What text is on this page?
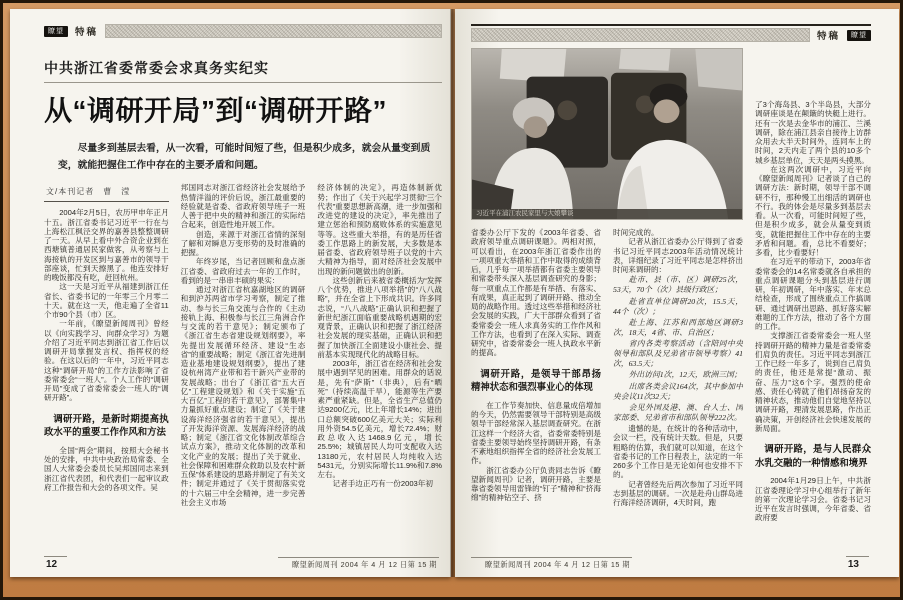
瞭望	特稿
中共浙江省委常委会求真务实纪实
从“调研开局”到“调研开路”
尽量多到基层去看，从一次看，可能时间短了些，但是积少成多，就会从量变到质变，就能把握住工作中存在的主要矛盾和问题。
文/本刊记者　曹　滢

2004年2月5日，农历甲申年正月十五。浙江省委书记习近平一行在与上海松江枫泾交界的嘉善县整整调研了一天。从早上看中外合资企业到在西塘镇普通居民家做客，从考察与上海接轨的开发区到与嘉善市的领导干部座谈，忙到天擦黑了。他连安排好的晚饭都没有吃，赶回杭州。

这一天是习近平从福建到浙江任省长、省委书记的一年零三个月零二十天。就在这一天，他走遍了全省11个市90个县（市）区。

一年前，《瞭望新闻周刊》曾经以《向实践学习、向群众学习》为题介绍了习近平同志到浙江省工作后以调研开局掌握发言权、指挥权的经验。在这以后的一年中，习近平同志这种“调研开局”的工作方法影响了省委常委会“一班人”。个人工作的“调研开局”变成了省委常委会一班人的“调研开路”。

调研开路，是新时期提高执政水平的重要工作作风和方法

全国“两会”期间，按照大会秘书处的安排，中共中央政治局常委、全国人大常委会委员长吴邦国同志来到浙江省代表团，和代表们一起审议政府工作报告和大会的各项文件。吴

邦国同志对浙江省经济社会发展给予热情洋溢的评价后说，浙江最重要的经验就是省委、省政府领导班子一班人善于把中央的精神和浙江的实际结合起来，创造性地开展工作。

创造，来源于对浙江省情的深刻了解和对瞬息万变形势的及时准确的把握。

年终岁尾，当记者回顾和盘点浙江省委、省政府过去一年的工作时，看到的是一串串丰硕的果实：

通过对浙江省杭嘉湖地区的调研和到沪苏两省市学习考察，制定了推动、参与长三角交流与合作的《主动接轨上海、积极参与长江三角洲合作与交流的若干意见》；制定颁布了《浙江省生态省建设规划纲要》，率先提出发展循环经济、建设“生态省”的重要战略；制定《浙江省先进制造业基地建设规划纲要》，提出了建设杭州湾产业带和若干新兴产业带的发展战略；出台了《浙江省“五大百亿”工程建设规划》和《关于实施“五大百亿”工程的若干意见》，部署集中力量抓好重点建设；制定了《关于建设海洋经济强省的若干意见》，提出了开发海洋资源、发展海洋经济的战略；制定《浙江省文化体制改革综合试点方案》，推动文化体制的改革和文化产业的发展；提出了关于就业、社会保障和困难群众救助以及农村“新五保”体系建设的思路并制定了有关文件；制定并通过了《关于贯彻落实党的十六届三中全会精神，进一步完善社会主义市场

经济体制的决定》，再造体制新优势；作出了《关于兴起学习贯彻“三个代表”重要思想新高潮，进一步加强和改进党的建设的决定》，率先推出了建立惩治和预防腐败体系的实施意见等等。这些重大举措，有的是历任省委工作思路上的新发展，大多数是本届省委、省政府领导班子以党的十六大精神为指导，面对经济社会发展中出现的新问题做出的创新。

这些创新后来被省委概括为“发挥八个优势，推进八项举措”的“八八战略”，并在全省上下形成共识。许多同志说，“八八战略”正确认识和把握了新世纪浙江面临重要战略机遇期的宏观背景，正确认识和把握了浙江经济社会发展的现实基础，正确认识和把握了加快浙江全面建设小康社会、提前基本实现现代化的战略目标。

2003年，浙江省在经济和社会发展中遇到罕见的困难。用群众的话说是，先有“萨斯”（非典），后有“晒死”（持续高温干旱），能源等生产要素严重紧缺。但是，全省生产总值仍达9200亿元，比上年增长14%；进出口总额突破600亿美元大关；实际利用外资54.5亿美元，增长72.4%；财政总收入达1468.9亿元，增长25.5%；城镇居民人均可支配收入达13180元，农村居民人均纯收入达5431元，分别实际增长11.9%和7.8%左右。

记者手边正巧有一份2003年初

12	瞭望新闻周刊 2004 年 4 月 12 日第 15 期
特稿	瞭望
习近平在浦江农民家里与大娘攀谈

省委办公厅下发的《2003年省委、省政府领导重点调研课题》。两相对照，可以看出，在2003年浙江省委作出的一项项重大举措和工作中取得的成绩背后，几乎每一项举措都有省委主要领导和常委带头深入基层调查研究的身影；每一项重点工作都是有举措、有落实、有成果，真正起到了调研开路、推动全局的战略作用。透过这些举措和经济社会发展的实践，广大干部群众看到了省委常委会一班人求真务实的工作作风和工作方法，也看到了在深入实际、调查研究中，省委常委会一班人执政水平新的提高。

调研开路，是领导干部昂扬精神状态和强烈事业心的体现

在工作节奏加快、信息量成倍增加的今天，仍然需要领导干部特别是高级领导干部经常深入基层调查研究。在浙江这样一个经济大省，省委常委特别是省委主要领导始终坚持调研开路，有条不紊地组织指挥全省的经济社会发展工作。

浙江省委办公厅负责同志告诉《瞭望新闻周刊》记者，调研开路，主要是靠省委领导用雷锋的“钉子”精神和“挤海绵”的精神钻空子、挤

时间完成的。

记者从浙江省委办公厅得到了省委书记习近平同志2003年活动情况统计表，详细纪录了习近平同志是怎样挤出时间来调研的：

赴市、县（市、区）调研25次，53天，70个（次）县级行政区；

赴省直单位调研20次，15.5天，44个（次）；

赴上海、江苏和西部地区调研3次，18天，4省、市、自治区；

省内各类考察活动（含陪同中央领导和部队及兄弟省市领导考察）41次，63.5天；

外出访问1次，12天，欧洲三国；

出席各类会议164次，其中参加中央会议11次32天；

会见外国及港、澳、台人士、国家部委、兄弟省市和部队领导222次。

遗憾的是，在统计的各种活动中，会议一栏，没有统计天数。但是，只要粗略的估算，我们就可以知道，在这个省委书记的工作日程表上，法定的一年260多个工作日是无论如何也安排不下的。

记者曾经先后两次参加了习近平同志到基层的调研。一次是赴舟山群岛进行海洋经济调研，4天时间，跑

了3个海岛县、3个半岛县，大部分调研座谈是在颠簸的快艇上进行。还有一次是去金华市的浦江、兰溪调研，除在浦江县亲自接待上访群众用去大半天时间外，连同车上的时间，2天内走了两个县的10多个城乡基层单位，天天是两头摸黑。

在这两次调研中，习近平向《瞭望新闻周刊》记者谈了自己的调研方法：新时期，领导干部不调研不行，那种慢工出细活的调研也不行。我的体会是尽量多到基层去看。从一次看，可能时间短了些，但是积少成多，就会从量变到质变，就能把握住工作中存在的主要矛盾和问题。看，总比不看要好；多看，比少看要好！

在习近平的带动下，2003年省委常委会的14名常委就各自承担的重点调研课题分头到基层进行调研，年初调研，年中落实、年末总结检查，形成了围绕重点工作搞调研、通过调研出思路、抓好落实解难题的工作方法，推动了各个方面的工作。

支撑浙江省委常委会一班人坚持调研开路的精神力量是省委常委们肩负的责任。习近平同志到浙江工作已经一年多了，说到自己肩负的责任，他还是常提“激动、振奋、压力”这6个字。强烈的使命感、责任心铸就了他们昂扬奋发的精神状态，推动他们自觉地坚持以调研开路，理清发展思路，作出正确决策，开创经济社会快速发展的新局面。

调研开路，是与人民群众水乳交融的一种情感和境界

2004年1月29日上午，中共浙江省委理论学习中心组举行了新年的第一次理论学习会。省委书记习近平在发言时强调，今年省委、省政府要

瞭望新闻周刊 2004 年 4 月 12 日第 15 期	13
